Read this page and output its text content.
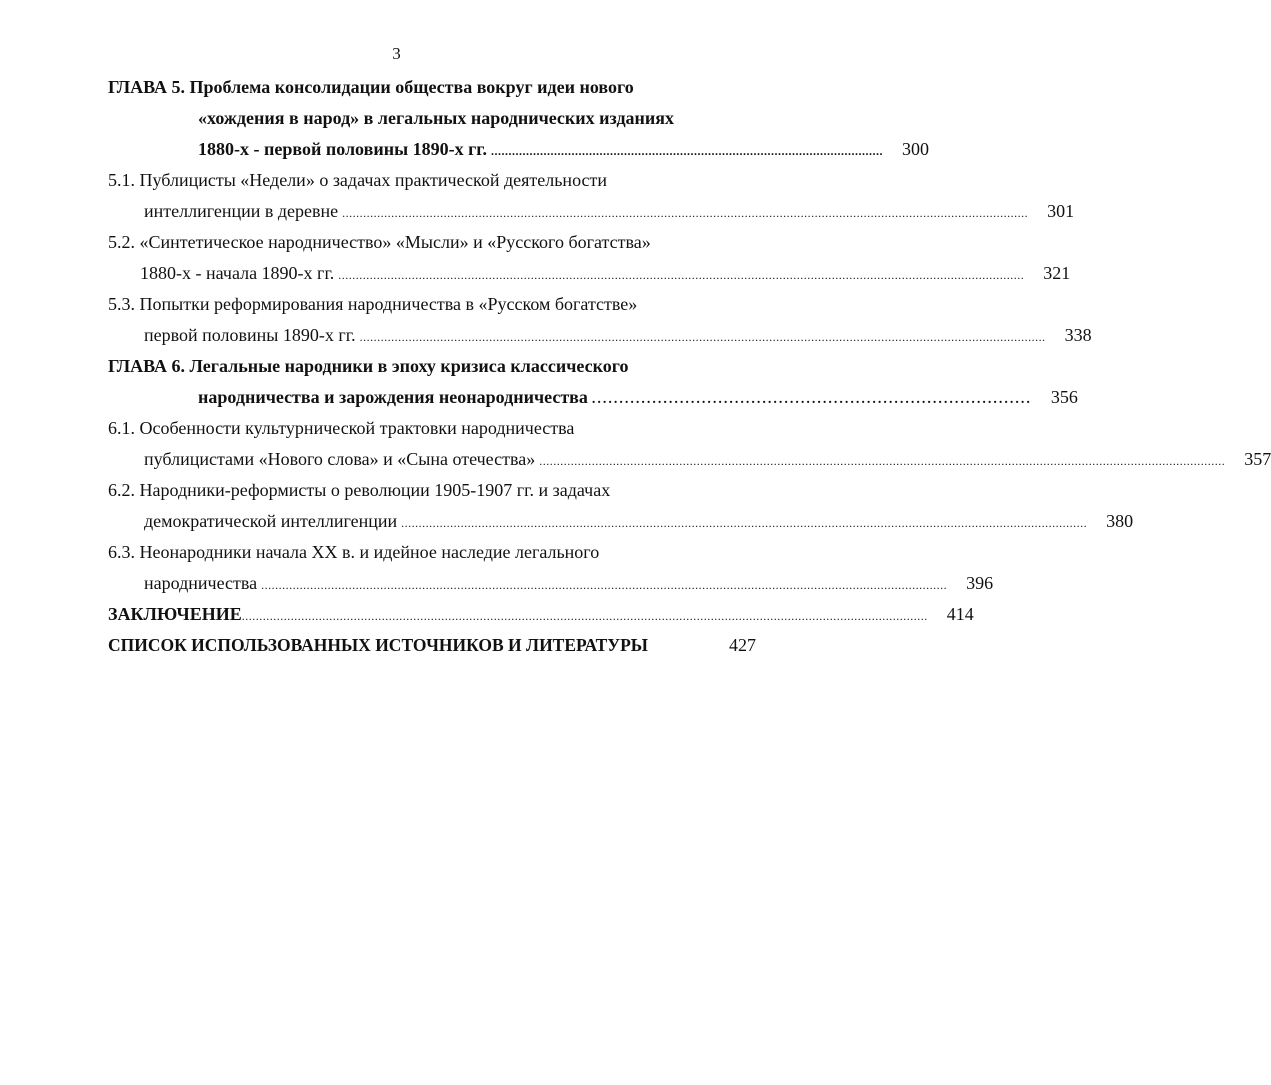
3
ГЛАВА 5. Проблема консолидации общества вокруг идеи нового
«хождения в народ» в легальных народнических изданиях
1880-х - первой половины 1890-х гг. ................................................................................................................	300
5.1. Публицисты «Недели» о задачах практической деятельности
интеллигенции в деревне ....................................................................................................................................................................................................	301
5.2. «Синтетическое народничество» «Мысли» и «Русского богатства»
1880-х - начала 1890-х гг. ....................................................................................................................................................................................................	321
5.3. Попытки реформирования народничества в «Русском богатстве»
первой половины 1890-х гг. ....................................................................................................................................................................................................	338
ГЛАВА 6. Легальные народники в эпоху кризиса классического
народничества и зарождения неонародничества ................................................................................	356
6.1. Особенности культурнической трактовки народничества
публицистами «Нового слова» и «Сына отечества» ....................................................................................................................................................................................................	357
6.2. Народники-реформисты о революции 1905-1907 гг. и задачах
демократической интеллигенции ....................................................................................................................................................................................................	380
6.3. Неонародники начала XX в. и идейное наследие легального
народничества ....................................................................................................................................................................................................	396
ЗАКЛЮЧЕНИЕ ....................................................................................................................................................................................................	414
СПИСОК ИСПОЛЬЗОВАННЫХ ИСТОЧНИКОВ И ЛИТЕРАТУРЫ	427
